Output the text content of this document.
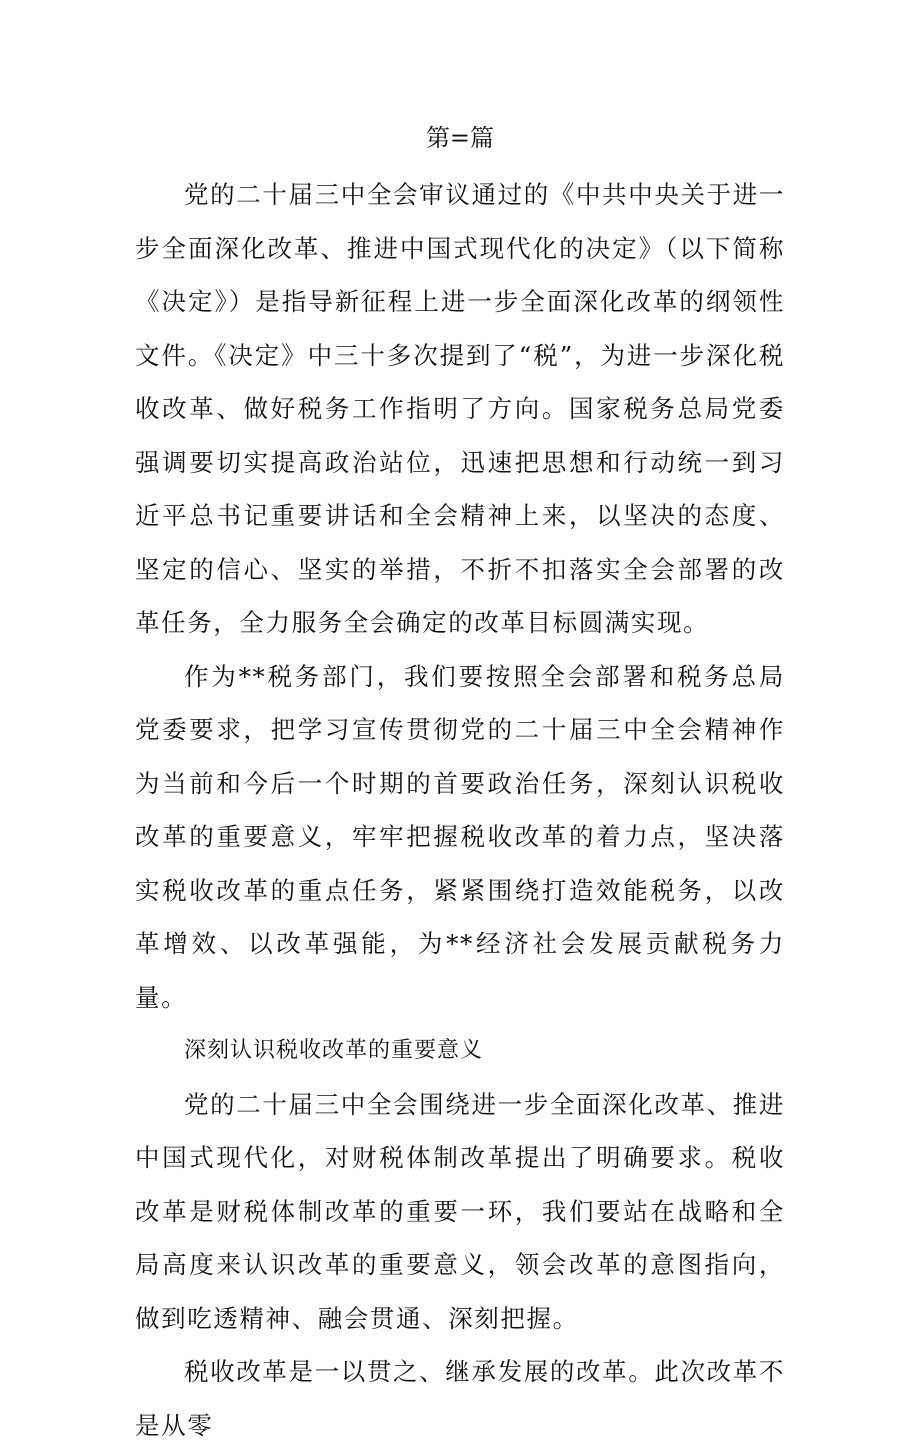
第=篇

党的二十届三中全会审议通过的《中共中央关于进一步全面深化改革、推进中国式现代化的决定》（以下简称《决定》）是指导新征程上进一步全面深化改革的纲领性文件。《决定》中三十多次提到了“税”，为进一步深化税收改革、做好税务工作指明了方向。国家税务总局党委强调要切实提高政治站位，迅速把思想和行动统一到习近平总书记重要讲话和全会精神上来，以坚决的态度、坚定的信心、坚实的举措，不折不扣落实全会部署的改革任务，全力服务全会确定的改革目标圆满实现。

作为**税务部门，我们要按照全会部署和税务总局党委要求，把学习宣传贯彻党的二十届三中全会精神作为当前和今后一个时期的首要政治任务，深刻认识税收改革的重要意义，牢牢把握税收改革的着力点，坚决落实税收改革的重点任务，紧紧围绕打造效能税务，以改革增效、以改革强能，为**经济社会发展贡献税务力量。

深刻认识税收改革的重要意义

党的二十届三中全会围绕进一步全面深化改革、推进中国式现代化，对财税体制改革提出了明确要求。税收改革是财税体制改革的重要一环，我们要站在战略和全局高度来认识改革的重要意义，领会改革的意图指向，做到吃透精神、融会贯通、深刻把握。

税收改革是一以贯之、继承发展的改革。此次改革不是从零
